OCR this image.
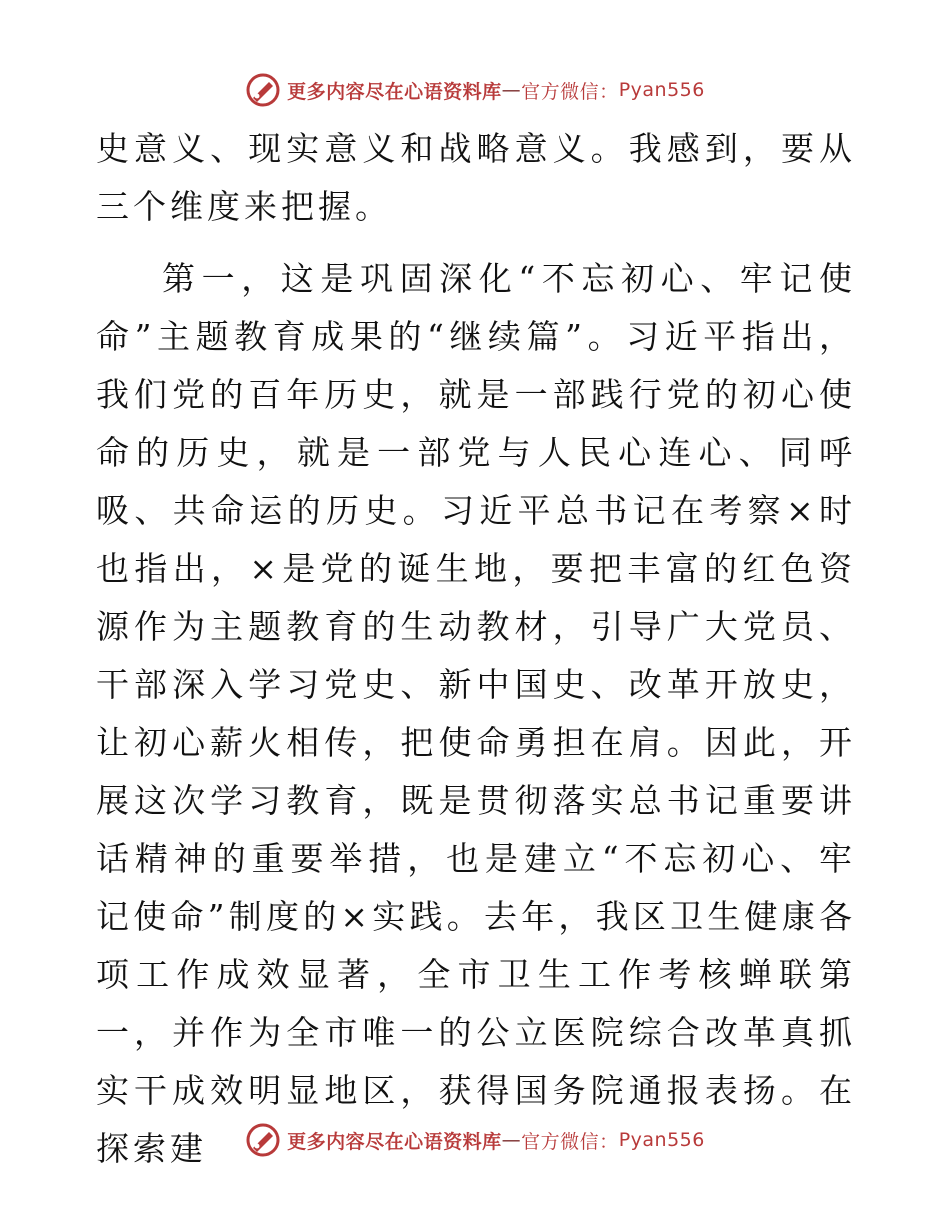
更多内容尽在心语资料库 — 官方微信： Pyan556

史意义、现实意义和战略意义。我感到，要从三个维度来把握。

第一，这是巩固深化“不忘初心、牢记使命”主题教育成果的“继续篇”。习近平指出，我们党的百年历史，就是一部践行党的初心使命的历史，就是一部党与人民心连心、同呼吸、共命运的历史。习近平总书记在考察×时也指出，×是党的诞生地，要把丰富的红色资源作为主题教育的生动教材，引导广大党员、干部深入学习党史、新中国史、改革开放史，让初心薪火相传，把使命勇担在肩。因此，开展这次学习教育，既是贯彻落实总书记重要讲话精神的重要举措，也是建立“不忘初心、牢记使命”制度的×实践。去年，我区卫生健康各项工作成效显著，全市卫生工作考核蝉联第一，并作为全市唯一的公立医院综合改革真抓实干成效明显地区，获得国务院通报表扬。在探索建	更多内容尽在心语资料库 — 官方微信： Pyan556
